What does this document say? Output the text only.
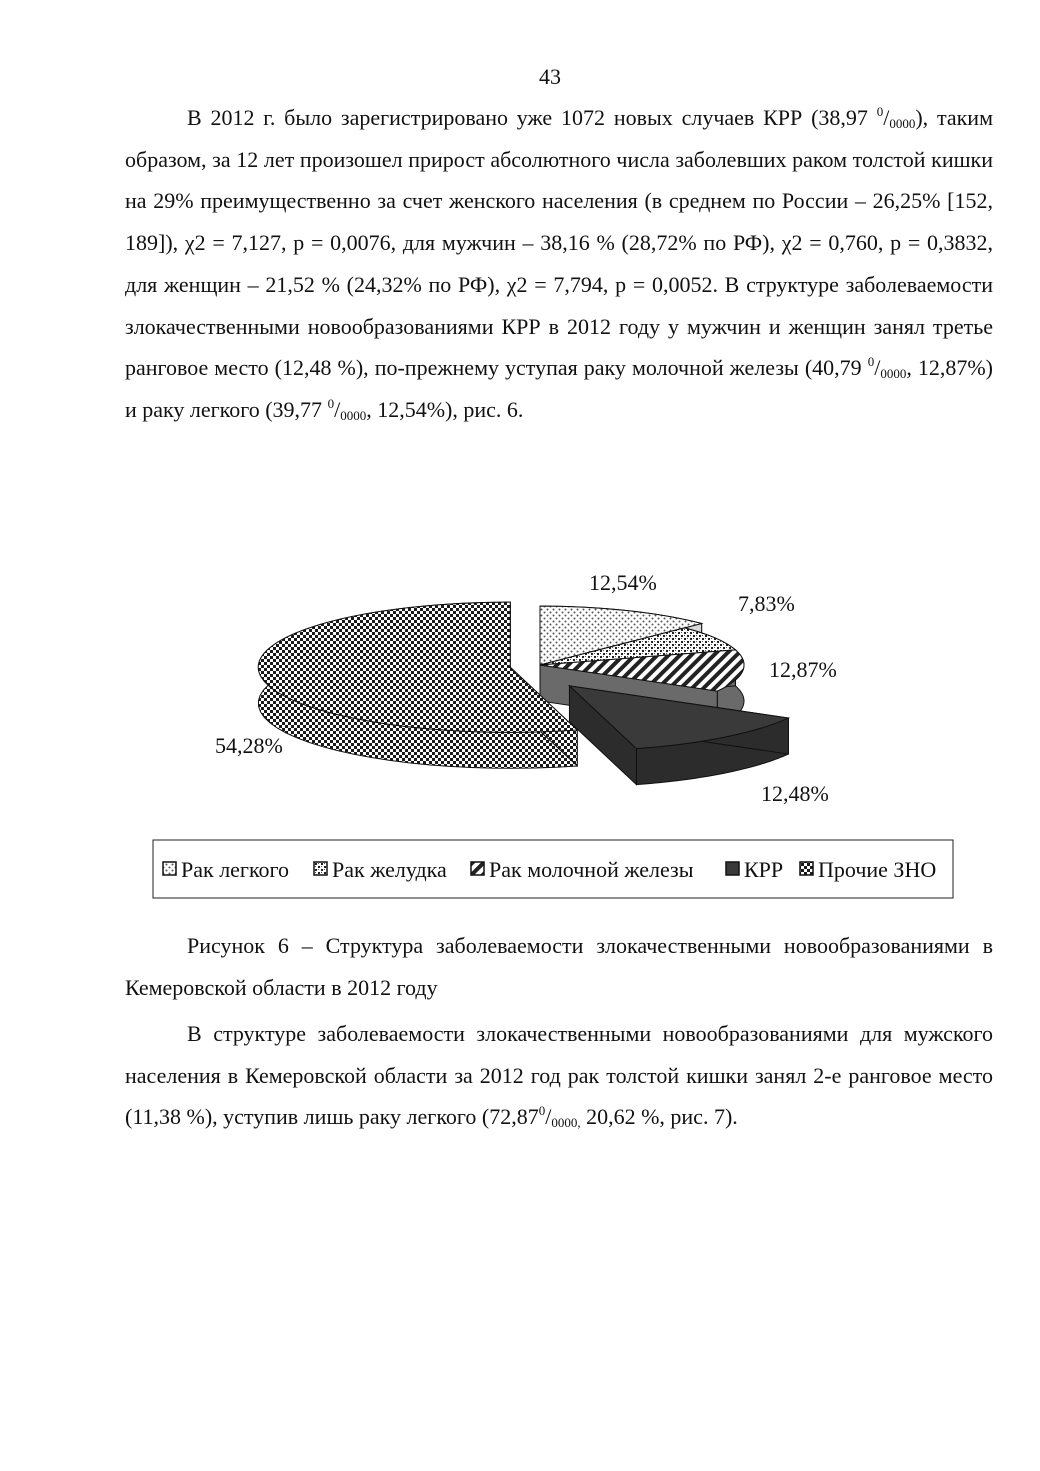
43

В 2012 г. было зарегистрировано уже 1072 новых случаев КРР (38,97 $^0/_{0000}$), таким образом, за 12 лет произошел прирост абсолютного числа заболевших раком толстой кишки на 29% преимущественно за счет женского населения (в среднем по России – 26,25% [152, 189]), χ2 = 7,127, р = 0,0076, для мужчин – 38,16 % (28,72% по РФ), χ2 = 0,760, р = 0,3832, для женщин – 21,52 % (24,32% по РФ), χ2 = 7,794, р = 0,0052. В структуре заболеваемости злокачественными новообразованиями КРР в 2012 году у мужчин и женщин занял третье ранговое место (12,48 %), по-прежнему уступая раку молочной железы (40,79 $^0/_{0000}$, 12,87%) и раку легкого (39,77 $^0/_{0000}$, 12,54%), рис. 6.

12,54%
7,83%
12,87%
12,48%
54,28%
Рак легкого Рак желудка Рак молочной железы КРР Прочие ЗНО

Рисунок 6 – Структура заболеваемости злокачественными новообразованиями в Кемеровской области в 2012 году

В структуре заболеваемости злокачественными новообразованиями для мужского населения в Кемеровской области за 2012 год рак толстой кишки занял 2-е ранговое место (11,38 %), уступив лишь раку легкого ($72,87^0/_{0000,}$ 20,62 %, рис. 7).
